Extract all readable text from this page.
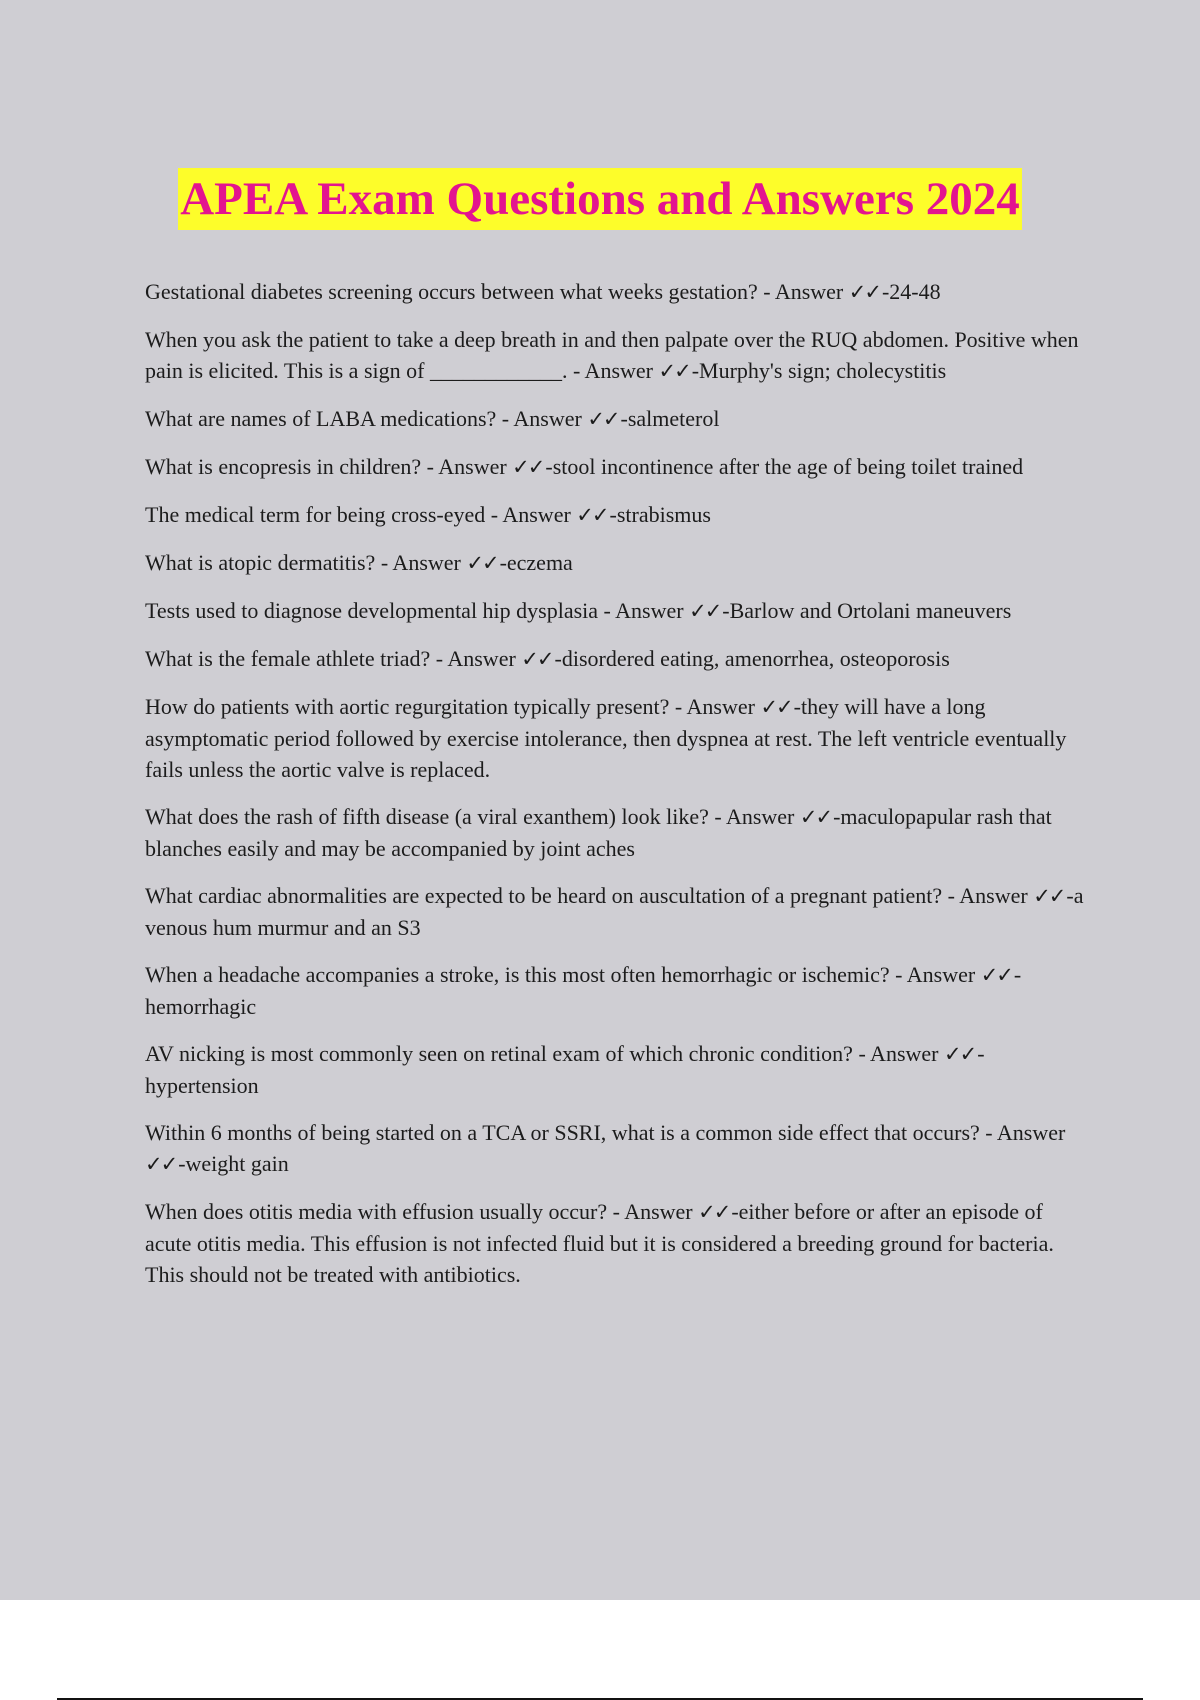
APEA Exam Questions and Answers 2024
Gestational diabetes screening occurs between what weeks gestation? - Answer ✓✓-24-48
When you ask the patient to take a deep breath in and then palpate over the RUQ abdomen. Positive when pain is elicited. This is a sign of ____________. - Answer ✓✓-Murphy's sign; cholecystitis
What are names of LABA medications? - Answer ✓✓-salmeterol
What is encopresis in children? - Answer ✓✓-stool incontinence after the age of being toilet trained
The medical term for being cross-eyed - Answer ✓✓-strabismus
What is atopic dermatitis? - Answer ✓✓-eczema
Tests used to diagnose developmental hip dysplasia - Answer ✓✓-Barlow and Ortolani maneuvers
What is the female athlete triad? - Answer ✓✓-disordered eating, amenorrhea, osteoporosis
How do patients with aortic regurgitation typically present? - Answer ✓✓-they will have a long asymptomatic period followed by exercise intolerance, then dyspnea at rest. The left ventricle eventually fails unless the aortic valve is replaced.
What does the rash of fifth disease (a viral exanthem) look like? - Answer ✓✓-maculopapular rash that blanches easily and may be accompanied by joint aches
What cardiac abnormalities are expected to be heard on auscultation of a pregnant patient? - Answer ✓✓-a venous hum murmur and an S3
When a headache accompanies a stroke, is this most often hemorrhagic or ischemic? - Answer ✓✓-hemorrhagic
AV nicking is most commonly seen on retinal exam of which chronic condition? - Answer ✓✓-hypertension
Within 6 months of being started on a TCA or SSRI, what is a common side effect that occurs? - Answer ✓✓-weight gain
When does otitis media with effusion usually occur? - Answer ✓✓-either before or after an episode of acute otitis media. This effusion is not infected fluid but it is considered a breeding ground for bacteria. This should not be treated with antibiotics.
